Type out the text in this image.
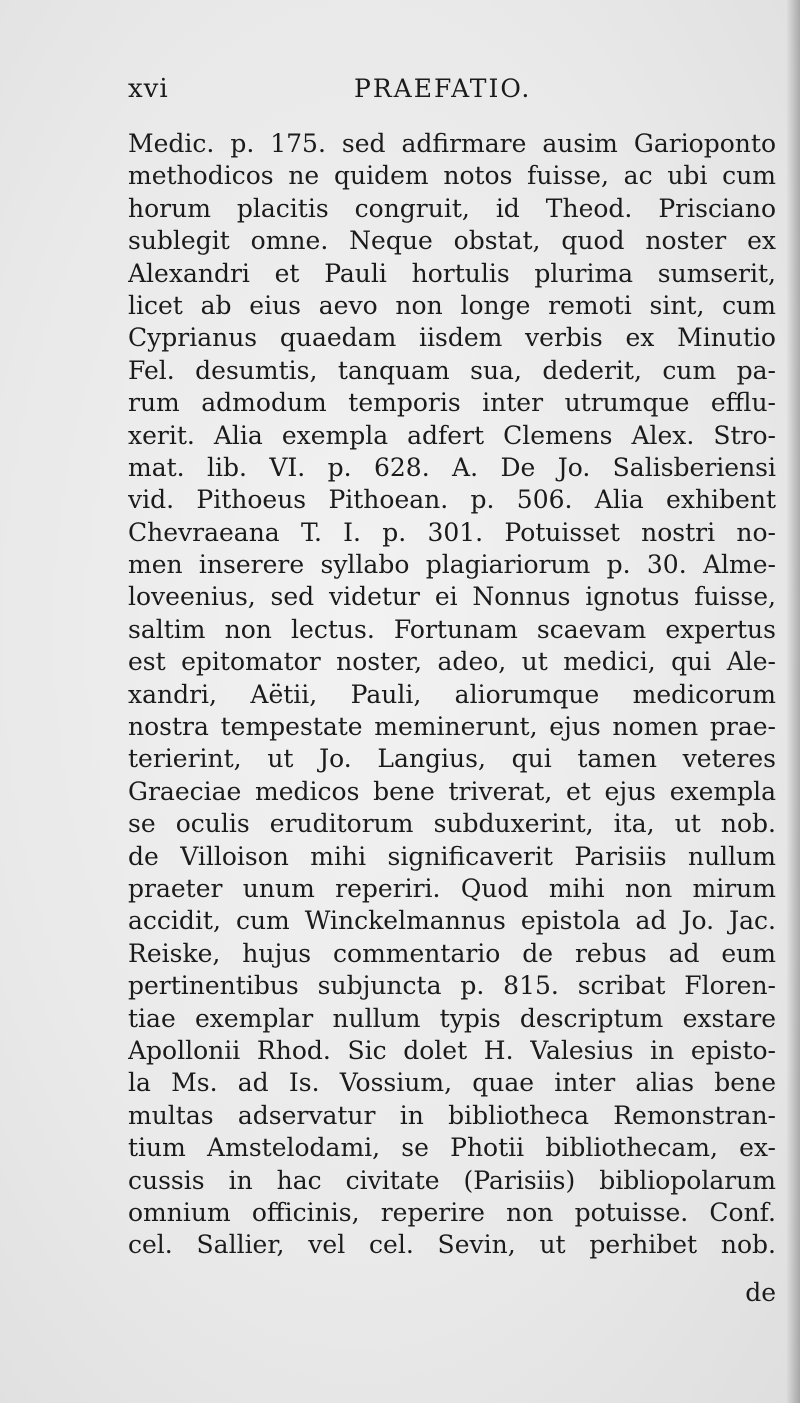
xvi	PRAEFATIO.
Medic. p. 175. sed adfirmare ausim Garioponto
methodicos ne quidem notos fuisse, ac ubi cum
horum placitis congruit, id Theod. Prisciano
sublegit omne. Neque obstat, quod noster ex
Alexandri et Pauli hortulis plurima sumserit,
licet ab eius aevo non longe remoti sint, cum
Cyprianus quaedam iisdem verbis ex Minutio
Fel. desumtis, tanquam sua, dederit, cum pa-
rum admodum temporis inter utrumque efflu-
xerit. Alia exempla adfert Clemens Alex. Stro-
mat. lib. VI. p. 628. A. De Jo. Salisberiensi
vid. Pithoeus Pithoean. p. 506. Alia exhibent
Chevraeana T. I. p. 301. Potuisset nostri no-
men inserere syllabo plagiariorum p. 30. Alme-
loveenius, sed videtur ei Nonnus ignotus fuisse,
saltim non lectus. Fortunam scaevam expertus
est epitomator noster, adeo, ut medici, qui Ale-
xandri, Aëtii, Pauli, aliorumque medicorum
nostra tempestate meminerunt, ejus nomen prae-
terierint, ut Jo. Langius, qui tamen veteres
Graeciae medicos bene triverat, et ejus exempla
se oculis eruditorum subduxerint, ita, ut nob.
de Villoison mihi significaverit Parisiis nullum
praeter unum reperiri. Quod mihi non mirum
accidit, cum Winckelmannus epistola ad Jo. Jac.
Reiske, hujus commentario de rebus ad eum
pertinentibus subjuncta p. 815. scribat Floren-
tiae exemplar nullum typis descriptum exstare
Apollonii Rhod. Sic dolet H. Valesius in episto-
la Ms. ad Is. Vossium, quae inter alias bene
multas adservatur in bibliotheca Remonstran-
tium Amstelodami, se Photii bibliothecam, ex-
cussis in hac civitate (Parisiis) bibliopolarum
omnium officinis, reperire non potuisse. Conf.
cel. Sallier, vel cel. Sevin, ut perhibet nob.
de
